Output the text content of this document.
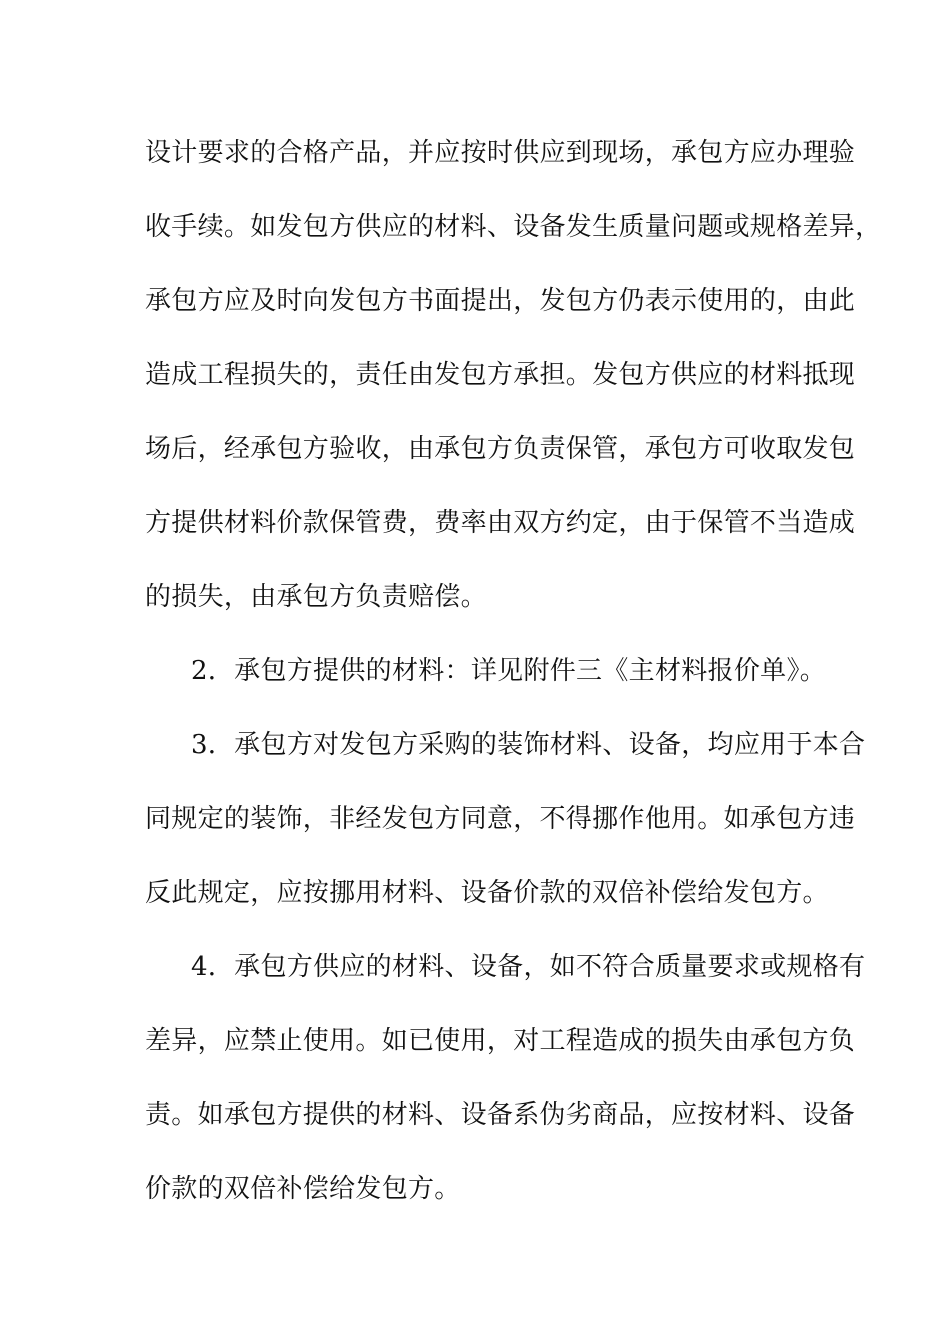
设计要求的合格产品，并应按时供应到现场，承包方应办理验
收手续。如发包方供应的材料、设备发生质量问题或规格差异，
承包方应及时向发包方书面提出，发包方仍表示使用的，由此
造成工程损失的，责任由发包方承担。发包方供应的材料抵现
场后，经承包方验收，由承包方负责保管，承包方可收取发包
方提供材料价款保管费，费率由双方约定，由于保管不当造成
的损失，由承包方负责赔偿。
2．承包方提供的材料：详见附件三《主材料报价单》。
3．承包方对发包方采购的装饰材料、设备，均应用于本合
同规定的装饰，非经发包方同意，不得挪作他用。如承包方违
反此规定，应按挪用材料、设备价款的双倍补偿给发包方。
4．承包方供应的材料、设备，如不符合质量要求或规格有
差异，应禁止使用。如已使用，对工程造成的损失由承包方负
责。如承包方提供的材料、设备系伪劣商品，应按材料、设备
价款的双倍补偿给发包方。
